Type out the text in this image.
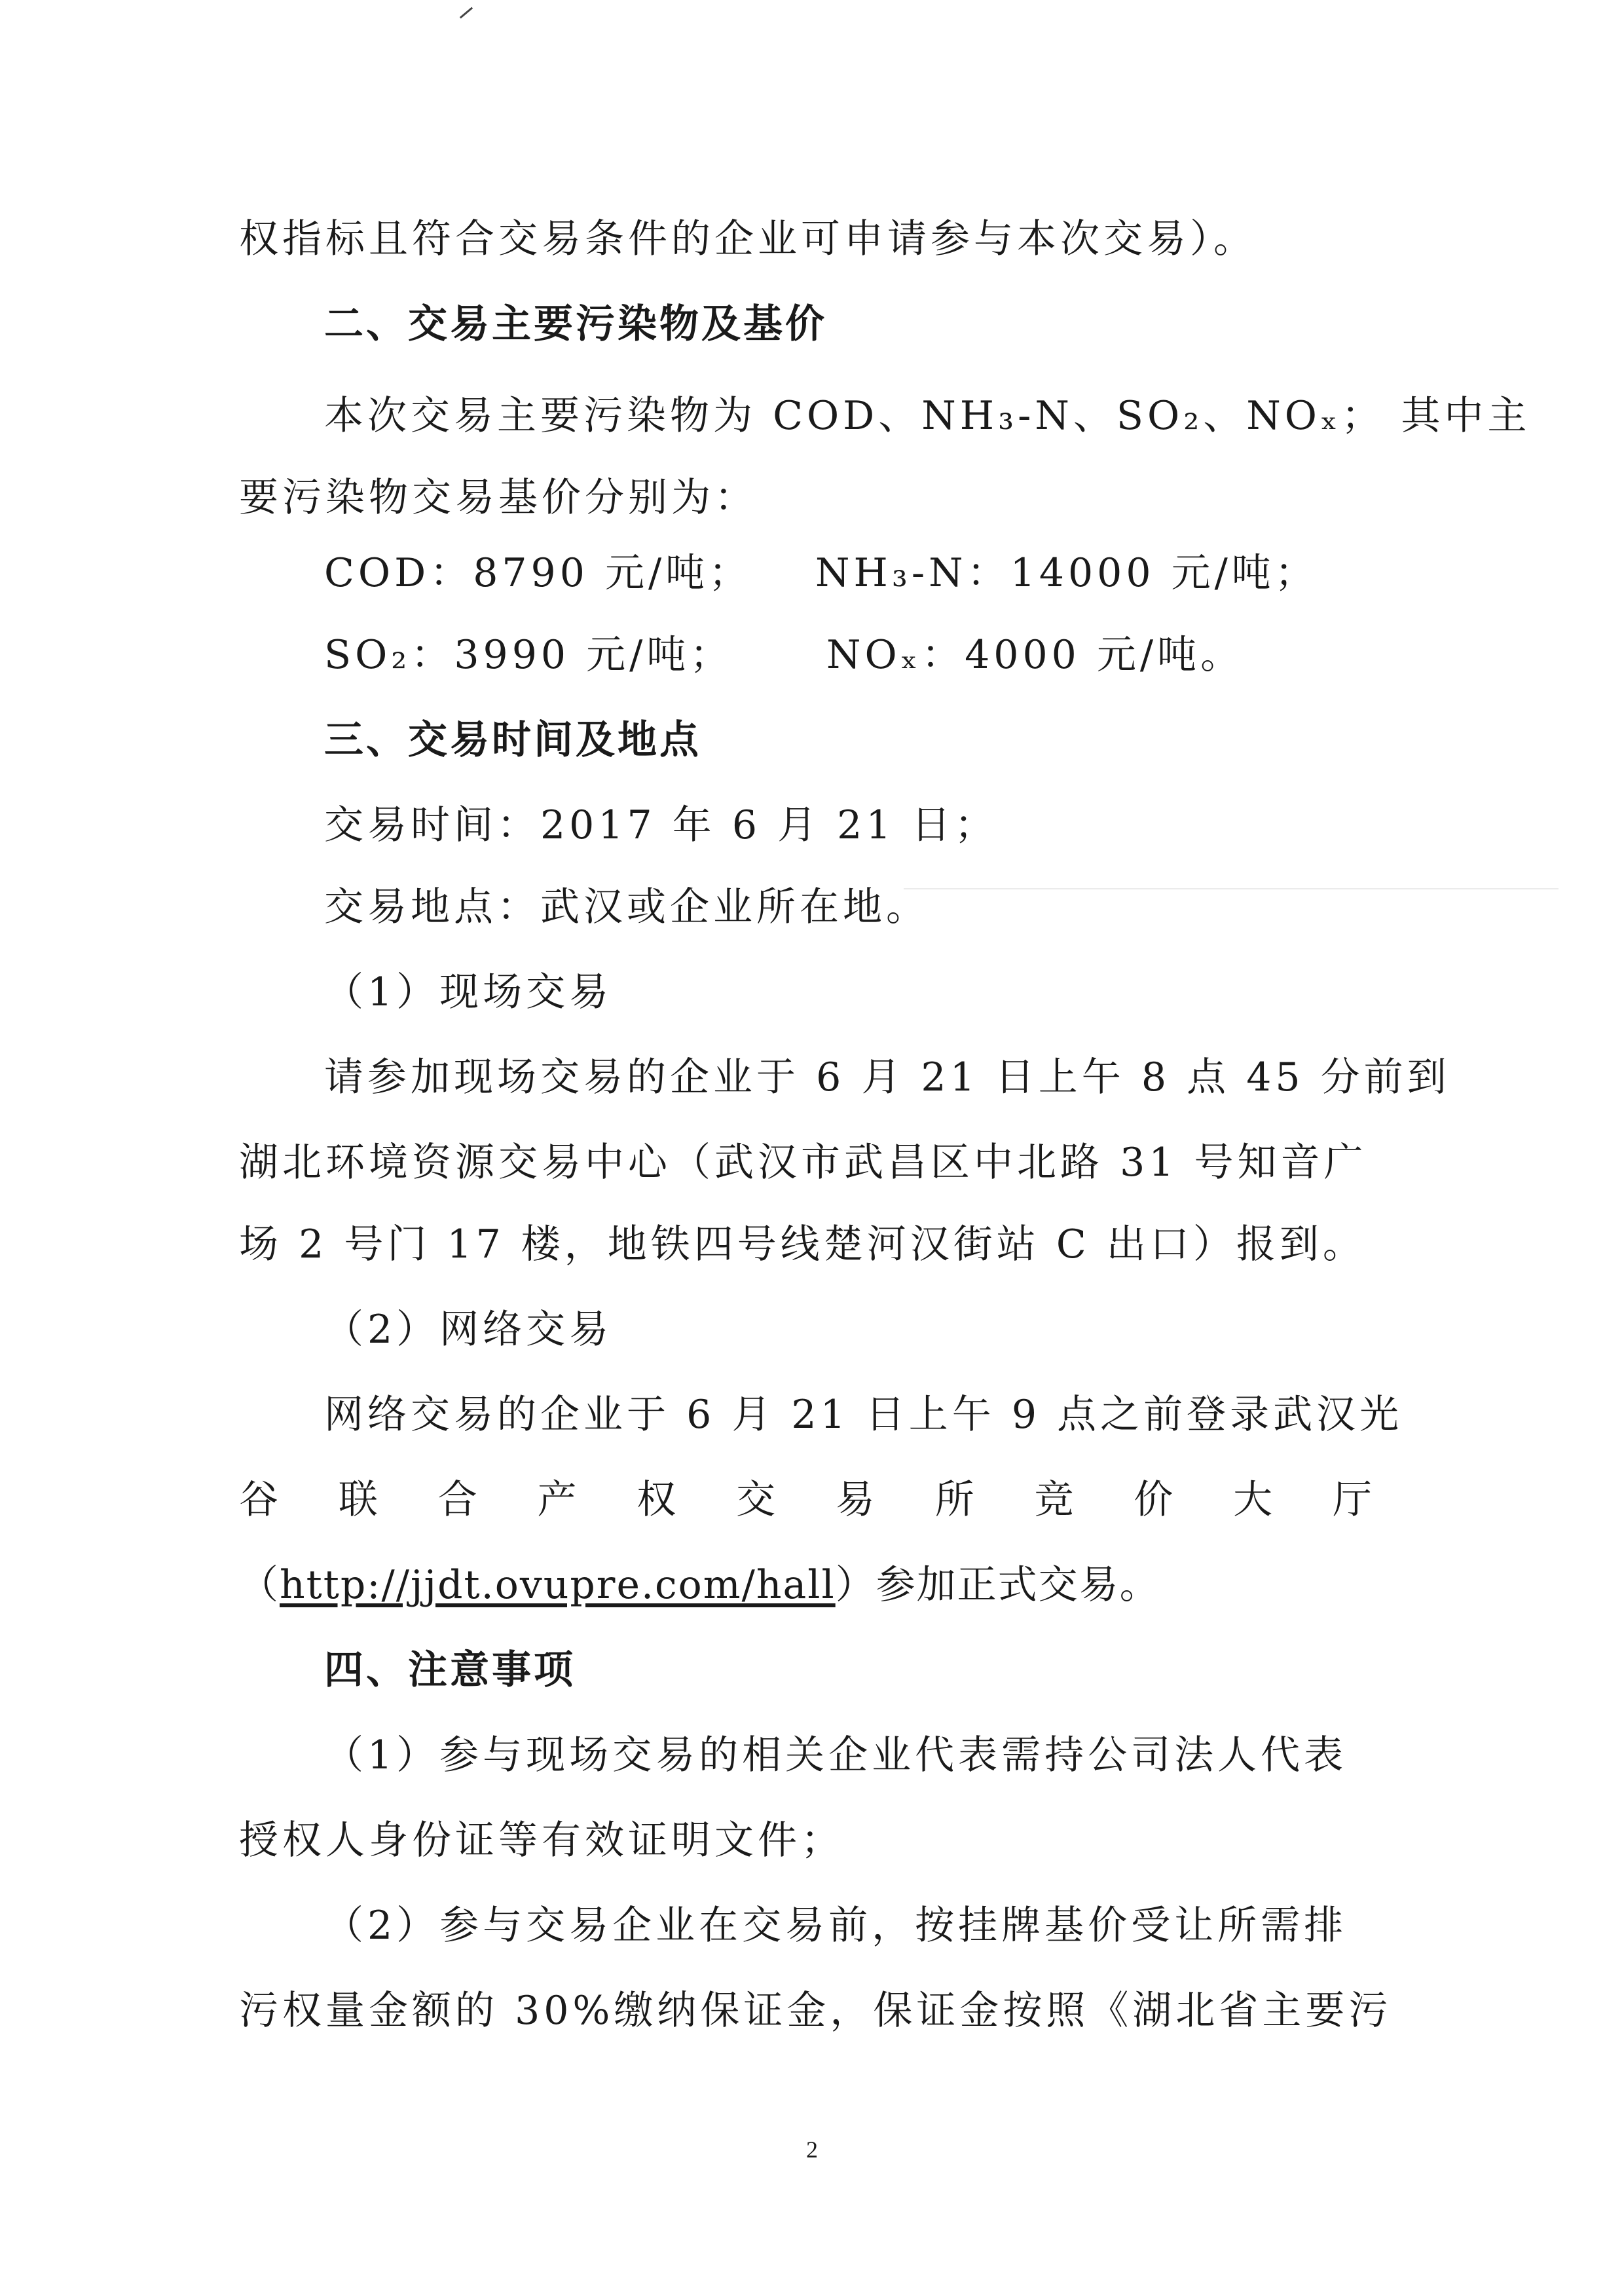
权指标且符合交易条件的企业可申请参与本次交易）。
二、交易主要污染物及基价
本次交易主要污染物为 COD、NH₃-N、SO₂、NOₓ； 其中主
要污染物交易基价分别为：
COD：8790 元/吨； NH₃-N：14000 元/吨；
SO₂：3990 元/吨； NOₓ：4000 元/吨。
三、交易时间及地点
交易时间：2017 年 6 月 21 日；
交易地点：武汉或企业所在地。
（1）现场交易
请参加现场交易的企业于 6 月 21 日上午 8 点 45 分前到
湖北环境资源交易中心（武汉市武昌区中北路 31 号知音广
场 2 号门 17 楼，地铁四号线楚河汉街站 C 出口）报到。
（2）网络交易
网络交易的企业于 6 月 21 日上午 9 点之前登录武汉光
谷 联 合 产 权 交 易 所 竞 价 大 厅
（http://jjdt.ovupre.com/hall）参加正式交易。
四、注意事项
（1）参与现场交易的相关企业代表需持公司法人代表
授权人身份证等有效证明文件；
（2）参与交易企业在交易前，按挂牌基价受让所需排
污权量金额的 30%缴纳保证金，保证金按照《湖北省主要污
2
